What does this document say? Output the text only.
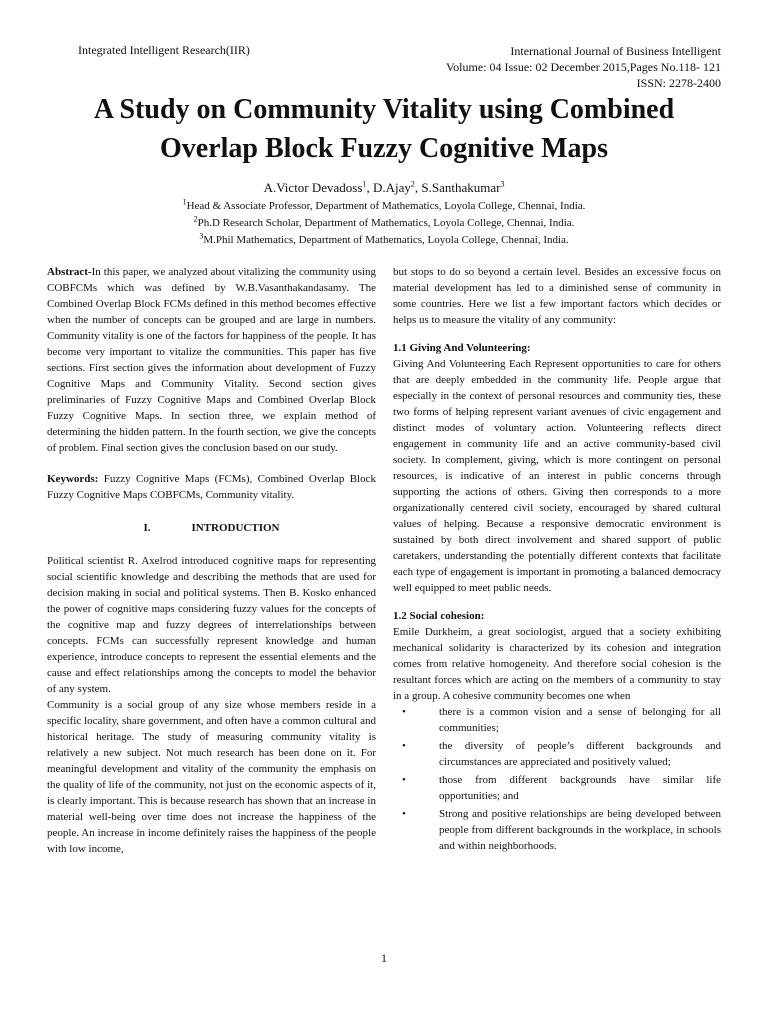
Integrated Intelligent Research(IIR)	International Journal of Business Intelligent
Volume: 04 Issue: 02 December 2015,Pages No.118- 121
ISSN: 2278-2400
A Study on Community Vitality using Combined
Overlap Block Fuzzy Cognitive Maps
A.Victor Devadoss$^1$, D.Ajay$^2$, S.Santhakumar$^3$
$^1$Head & Associate Professor, Department of Mathematics, Loyola College, Chennai, India.
$^2$Ph.D Research Scholar, Department of Mathematics, Loyola College, Chennai, India.
$^3$M.Phil Mathematics, Department of Mathematics, Loyola College, Chennai, India.

Abstract-In this paper, we analyzed about vitalizing the community using COBFCMs which was defined by W.B.Vasanthakandasamy. The Combined Overlap Block FCMs defined in this method becomes effective when the number of concepts can be grouped and are large in numbers. Community vitality is one of the factors for happiness of the people. It has become very important to vitalize the communities. This paper has five sections. First section gives the information about development of Fuzzy Cognitive Maps and Community Vitality. Second section gives preliminaries of Fuzzy Cognitive Maps and Combined Overlap Block Fuzzy Cognitive Maps. In section three, we explain method of determining the hidden pattern. In the fourth section, we give the concepts of problem. Final section gives the conclusion based on our study.

Keywords: Fuzzy Cognitive Maps (FCMs), Combined Overlap Block Fuzzy Cognitive Maps COBFCMs, Community vitality.

I.	INTRODUCTION

Political scientist R. Axelrod introduced cognitive maps for representing social scientific knowledge and describing the methods that are used for decision making in social and political systems. Then B. Kosko enhanced the power of cognitive maps considering fuzzy values for the concepts of the cognitive map and fuzzy degrees of interrelationships between concepts. FCMs can successfully represent knowledge and human experience, introduce concepts to represent the essential elements and the cause and effect relationships among the concepts to model the behavior of any system.

Community is a social group of any size whose members reside in a specific locality, share government, and often have a common cultural and historical heritage. The study of measuring community vitality is relatively a new subject. Not much research has been done on it. For meaningful development and vitality of the community the emphasis on the quality of life of the community, not just on the economic aspects of it, is clearly important. This is because research has shown that an increase in material well-being over time does not increase the happiness of the people. An increase in income definitely raises the happiness of the people with low income,

but stops to do so beyond a certain level. Besides an excessive focus on material development has led to a diminished sense of community in some countries. Here we list a few important factors which decides or helps us to measure the vitality of any community:

1.1 Giving And Volunteering:

Giving And Volunteering Each Represent opportunities to care for others that are deeply embedded in the community life. People argue that especially in the context of personal resources and community ties, these two forms of helping represent variant avenues of civic engagement and distinct modes of voluntary action. Volunteering reflects direct engagement in community life and an active community-based civil society. In complement, giving, which is more contingent on personal resources, is indicative of an interest in public concerns through supporting the actions of others. Giving then corresponds to a more organizationally centered civil society, encouraged by shared cultural values of helping. Because a responsive democratic environment is sustained by both direct involvement and shared support of public caretakers, understanding the potentially different contexts that facilitate each type of engagement is important in promoting a balanced democracy well equipped to meet public needs.

1.2 Social cohesion:

Emile Durkheim, a great sociologist, argued that a society exhibiting mechanical solidarity is characterized by its cohesion and integration comes from relative homogeneity. And therefore social cohesion is the resultant forces which are acting on the members of a community to stay in a group. A cohesive community becomes one when

• there is a common vision and a sense of belonging for all communities;
• the diversity of people’s different backgrounds and circumstances are appreciated and positively valued;
• those from different backgrounds have similar life opportunities; and
• Strong and positive relationships are being developed between people from different backgrounds in the workplace, in schools and within neighborhoods.
1
